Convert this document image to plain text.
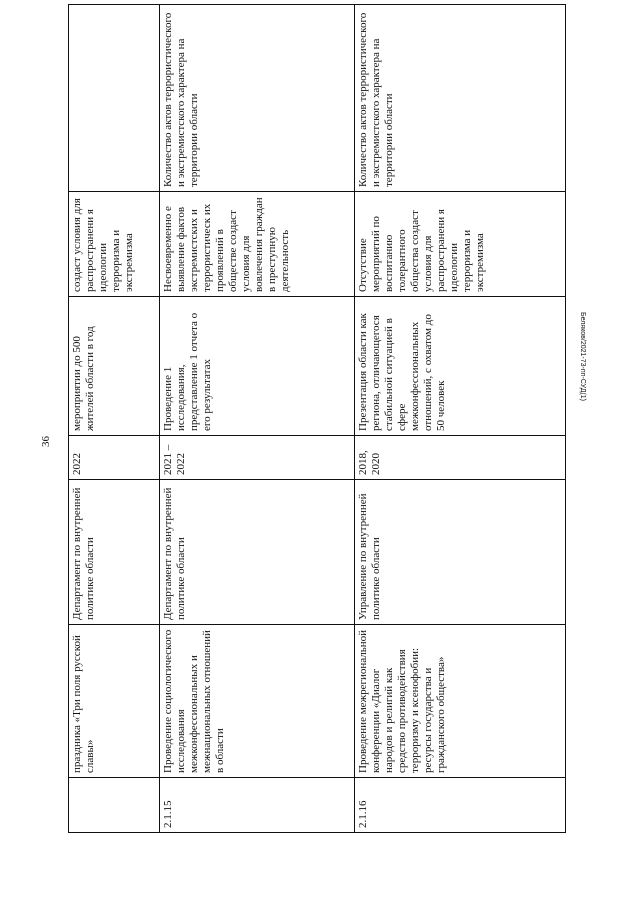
36
Беляков/2021-73-пп-СУД(1)
	праздника «Три поля русской славы»	Департамент по внутренней политике области	2022	мероприятии до 500 жителей области в год	создаст условия для распространени я идеологии терроризма и экстремизма	
2.1.15	Проведение социологического исследования межконфессиональных и межнациональных отношений в области	Департамент по внутренней политике области	2021 – 2022	Проведение 1 исследования, представление 1 отчета о его результатах	Несвоевременно е выявление фактов экстремистских и террористическ их проявлений в обществе создаст условия для вовлечения граждан в преступную деятельность	Количество актов террористического и экстремистского характера на территории области
2.1.16	Проведение межрегиональной конференции «Диалог народов и религий как средство противодействия терроризму и ксенофобии: ресурсы государства и гражданского общества»	Управление по внутренней политике области	2018, 2020	Презентация области как региона, отличающегося стабильной ситуацией в сфере межконфессиональных отношений, с охватом до 50 человек	Отсутствие мероприятий по воспитанию толерантного общества создаст условия для распространени я идеологии терроризма и экстремизма	Количество актов террористического и экстремистского характера на территории области
